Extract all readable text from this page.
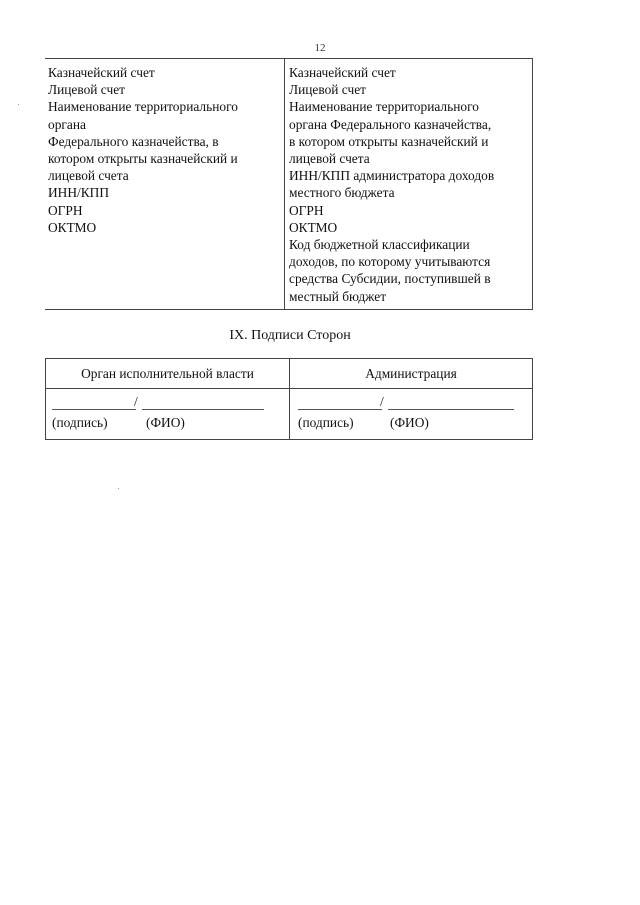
12
Казначейский счет
Лицевой счет
Наименование территориального
органа
Федерального казначейства, в
котором открыты казначейский и
лицевой счета
ИНН/КПП
ОГРН
ОКТМО
Казначейский счет
Лицевой счет
Наименование территориального
органа Федерального казначейства,
в котором открыты казначейский и
лицевой счета
ИНН/КПП администратора доходов
местного бюджета
ОГРН
ОКТМО
Код бюджетной классификации
доходов, по которому учитываются
средства Субсидии, поступившей в
местный бюджет
IX. Подписи Сторон
Орган исполнительной власти
/
(подпись)	(ФИО)
Администрация
/
(подпись)	(ФИО)
